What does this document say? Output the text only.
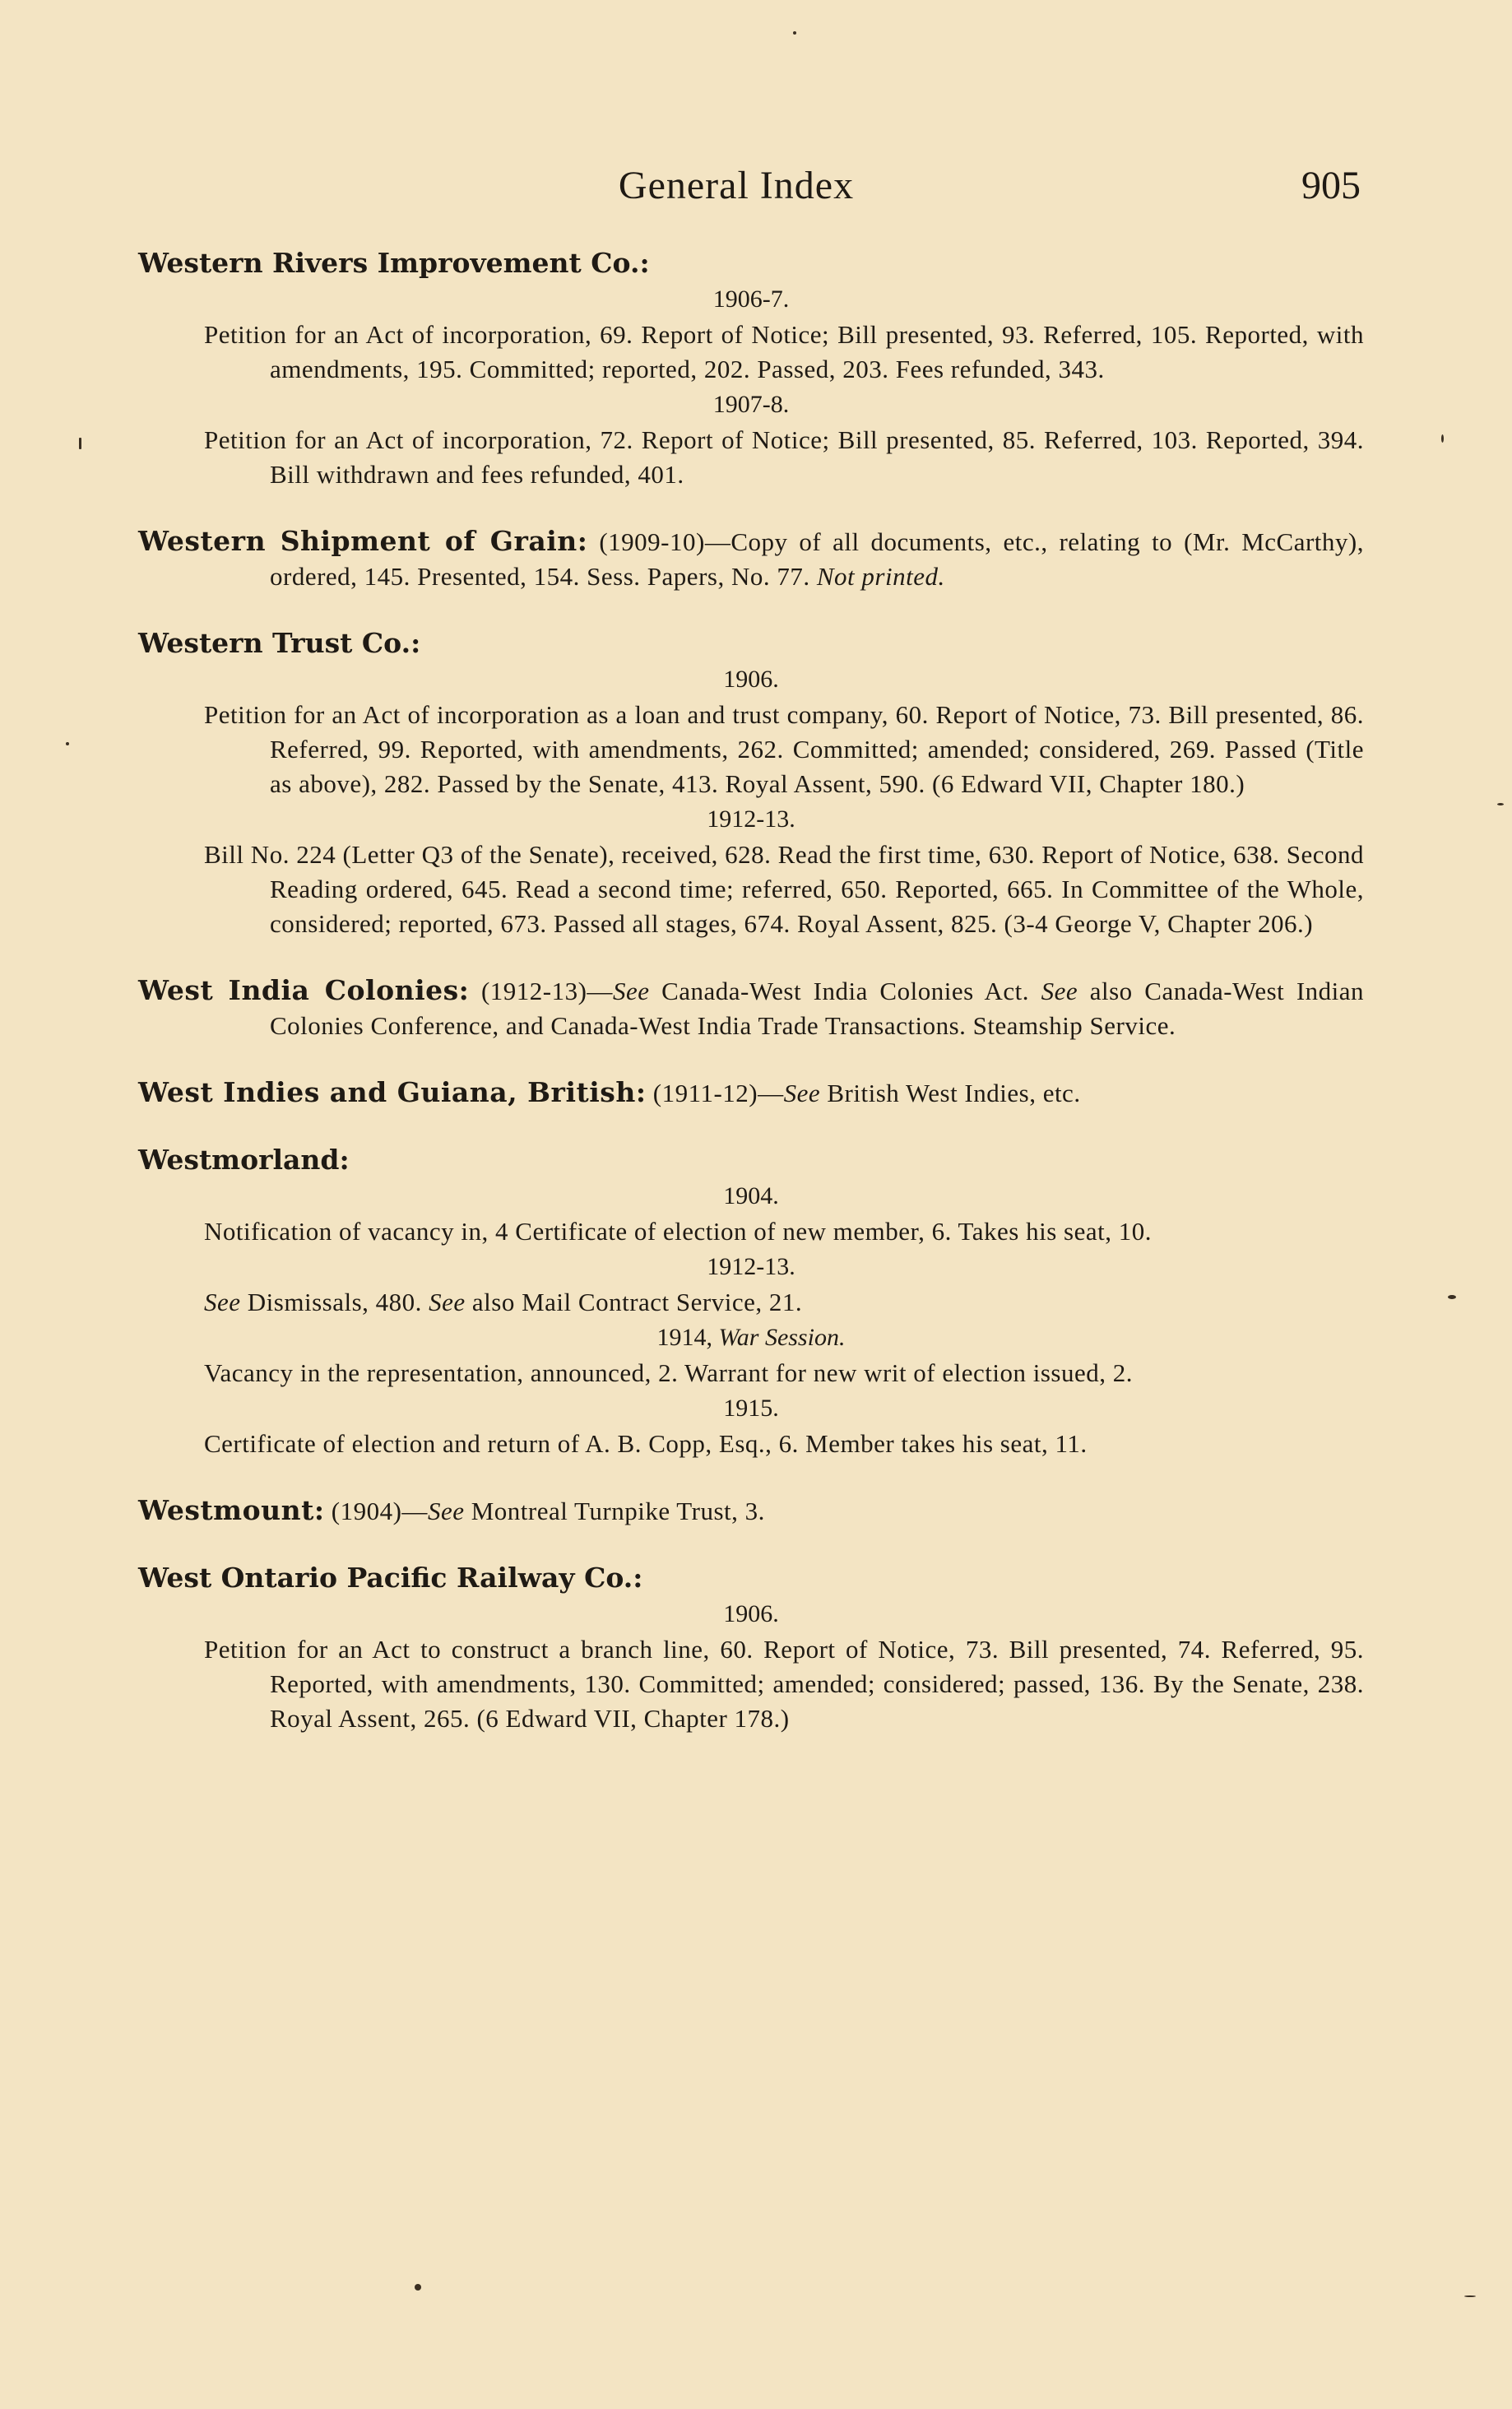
General Index	905
Western Rivers Improvement Co.:
1906-7.
Petition for an Act of incorporation, 69. Report of Notice; Bill presented, 93. Referred, 105. Reported, with amendments, 195. Committed; reported, 202. Passed, 203. Fees refunded, 343.
1907-8.
Petition for an Act of incorporation, 72. Report of Notice; Bill presented, 85. Referred, 103. Reported, 394. Bill withdrawn and fees refunded, 401.
Western Shipment of Grain: (1909-10)—Copy of all documents, etc., relating to (Mr. McCarthy), ordered, 145. Presented, 154. Sess. Papers, No. 77. Not printed.
Western Trust Co.:
1906.
Petition for an Act of incorporation as a loan and trust company, 60. Report of Notice, 73. Bill presented, 86. Referred, 99. Reported, with amendments, 262. Committed; amended; considered, 269. Passed (Title as above), 282. Passed by the Senate, 413. Royal Assent, 590. (6 Edward VII, Chapter 180.)
1912-13.
Bill No. 224 (Letter Q3 of the Senate), received, 628. Read the first time, 630. Report of Notice, 638. Second Reading ordered, 645. Read a second time; referred, 650. Reported, 665. In Committee of the Whole, considered; reported, 673. Passed all stages, 674. Royal Assent, 825. (3-4 George V, Chapter 206.)
West India Colonies: (1912-13)—See Canada-West India Colonies Act. See also Canada-West Indian Colonies Conference, and Canada-West India Trade Transactions. Steamship Service.
West Indies and Guiana, British: (1911-12)—See British West Indies, etc.
Westmorland:
1904.
Notification of vacancy in, 4 Certificate of election of new member, 6. Takes his seat, 10.
1912-13.
See Dismissals, 480. See also Mail Contract Service, 21.
1914, War Session.
Vacancy in the representation, announced, 2. Warrant for new writ of election issued, 2.
1915.
Certificate of election and return of A. B. Copp, Esq., 6. Member takes his seat, 11.
Westmount: (1904)—See Montreal Turnpike Trust, 3.
West Ontario Pacific Railway Co.:
1906.
Petition for an Act to construct a branch line, 60. Report of Notice, 73. Bill presented, 74. Referred, 95. Reported, with amendments, 130. Committed; amended; considered; passed, 136. By the Senate, 238. Royal Assent, 265. (6 Edward VII, Chapter 178.)
